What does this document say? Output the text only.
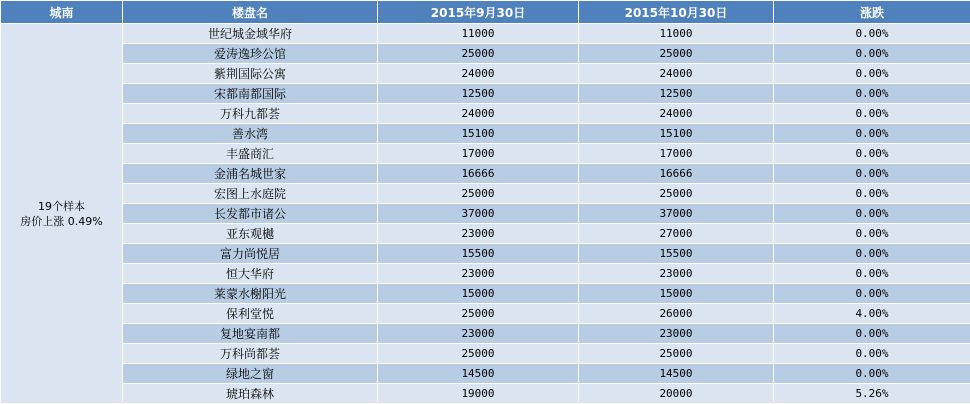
城南	楼盘名	2015年9月30日	2015年10月30日	涨跌

19个样本
房价上涨 0.49%	世纪城金域华府	11000	11000	0.00%
	爱涛逸珍公馆	25000	25000	0.00%
	紫荆国际公寓	24000	24000	0.00%
	宋都南都国际	12500	12500	0.00%
	万科九都荟	24000	24000	0.00%
	善水湾	15100	15100	0.00%
	丰盛商汇	17000	17000	0.00%
	金浦名城世家	16666	16666	0.00%
	宏图上水庭院	25000	25000	0.00%
	长发都市诸公	37000	37000	0.00%
	亚东观樾	23000	27000	0.00%
	富力尚悦居	15500	15500	0.00%
	恒大华府	23000	23000	0.00%
	莱蒙水榭阳光	15000	15000	0.00%
	保利堂悦	25000	26000	4.00%
	复地宴南都	23000	23000	0.00%
	万科尚都荟	25000	25000	0.00%
	绿地之窗	14500	14500	0.00%
	琥珀森林	19000	20000	5.26%
